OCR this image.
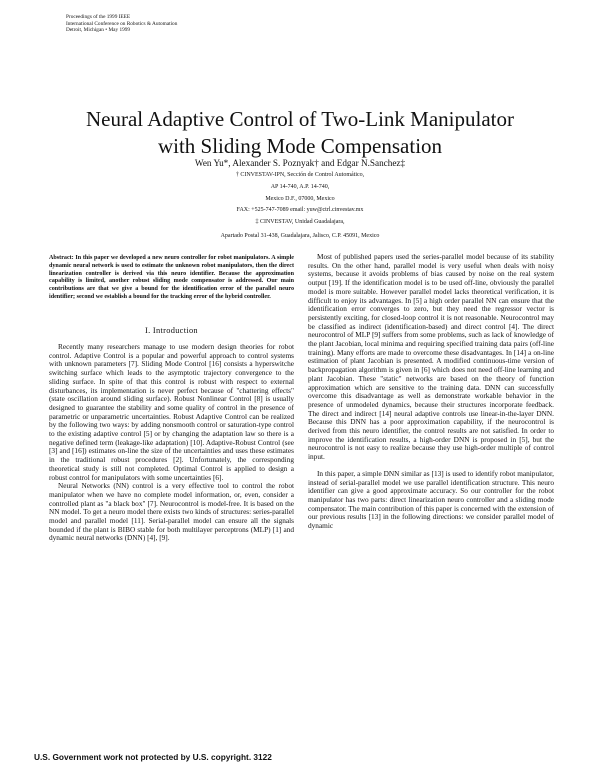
Proceedings of the 1999 IEEE
International Conference on Robotics & Automation
Detroit, Michigan • May 1999
Neural Adaptive Control of Two-Link Manipulator
with Sliding Mode Compensation
Wen Yu*, Alexander S. Poznyak† and Edgar N.Sanchez‡
† CINVESTAV-IPN, Sección de Control Automático,
AP 14-740, A.P. 14-740,
Mexico D.F., 07000, Mexico
FAX: +525-747-7089 email: yuw@ctrl.cinvestav.mx
‡ CINVESTAV, Unidad Guadalajara,
Apartado Postal 31-438, Guadalajara, Jalisco, C.P. 45091, Mexico
Abstract: In this paper we developed a new neuro controller for robot manipulators. A simple dynamic neural network is used to estimate the unknown robot manipulators, then the direct linearization controller is derived via this neuro identifier. Because the approximation capability is limited, another robust sliding mode compensator is addressed. Our main contributions are that we give a bound for the identification error of the parallel neuro identifier; second we establish a bound for the tracking error of the hybrid controller.
I. Introduction

Recently many researchers manage to use modern design theories for robot control. Adaptive Control is a popular and powerful approach to control systems with unknown parameters [7]. Sliding Mode Control [16] consists a hyperswitche switching surface which leads to the asymptotic trajectory convergence to the sliding surface. In spite of that this control is robust with respect to external disturbances, its implementation is never perfect because of "chattering effects" (state oscillation around sliding surface). Robust Nonlinear Control [8] is usually designed to guarantee the stability and some quality of control in the presence of parametric or unparametric uncertainties. Robust Adaptive Control can be realized by the following two ways: by adding nonsmooth control or saturation-type control to the existing adaptive control [5] or by changing the adaptation law so there is a negative defined term (leakage-like adaptation) [10]. Adaptive-Robust Control (see [3] and [16]) estimates on-line the size of the uncertainties and uses these estimates in the traditional robust procedures [2]. Unfortunately, the corresponding theoretical study is still not completed. Optimal Control is applied to design a robust control for manipulators with some uncertainties [6].

Neural Networks (NN) control is a very effective tool to control the robot manipulator when we have no complete model information, or, even, consider a controlled plant as "a black box" [7]. Neurocontrol is model-free. It is based on the NN model. To get a neuro model there exists two kinds of structures: series-parallel model and parallel model [11]. Serial-parallel model can ensure all the signals bounded if the plant is BIBO stable for both multilayer perceptrons (MLP) [1] and dynamic neural networks (DNN) [4], [9].

Most of published papers used the series-parallel model because of its stability results. On the other hand, parallel model is very useful when deals with noisy systems, because it avoids problems of bias caused by noise on the real system output [19]. If the identification model is to be used off-line, obviously the parallel model is more suitable. However parallel model lacks theoretical verification, it is difficult to enjoy its advantages. In [5] a high order parallel NN can ensure that the identification error converges to zero, but they need the regressor vector is persistently exciting, for closed-loop control it is not reasonable. Neurocontrol may be classified as indirect (identification-based) and direct control [4]. The direct neurocontrol of MLP [9] suffers from some problems, such as lack of knowledge of the plant Jacobian, local minima and requiring specified training data pairs (off-line training). Many efforts are made to overcome these disadvantages. In [14] a on-line estimation of plant Jacobian is presented. A modified continuous-time version of backpropagation algorithm is given in [6] which does not need off-line learning and plant Jacobian. These "static" networks are based on the theory of function approximation which are sensitive to the training data. DNN can successfully overcome this disadvantage as well as demonstrate workable behavior in the presence of unmodeled dynamics, because their structures incorporate feedback. The direct and indirect [14] neural adaptive controls use linear-in-the-layer DNN. Because this DNN has a poor approximation capability, if the neurocontrol is derived from this neuro identifier, the control results are not satisfied. In order to improve the identification results, a high-order DNN is proposed in [5], but the neurocontrol is not easy to realize because they use high-order multiple of control input.

In this paper, a simple DNN similar as [13] is used to identify robot manipulator, instead of serial-parallel model we use parallel identification structure. This neuro identifier can give a good approximate accuracy. So our controller for the robot manipulator has two parts: direct linearization neuro controller and a sliding mode compensator. The main contribution of this paper is concerned with the extension of our previous results [13] in the following directions: we consider parallel model of dynamic

U.S. Government work not protected by U.S. copyright. 3122
